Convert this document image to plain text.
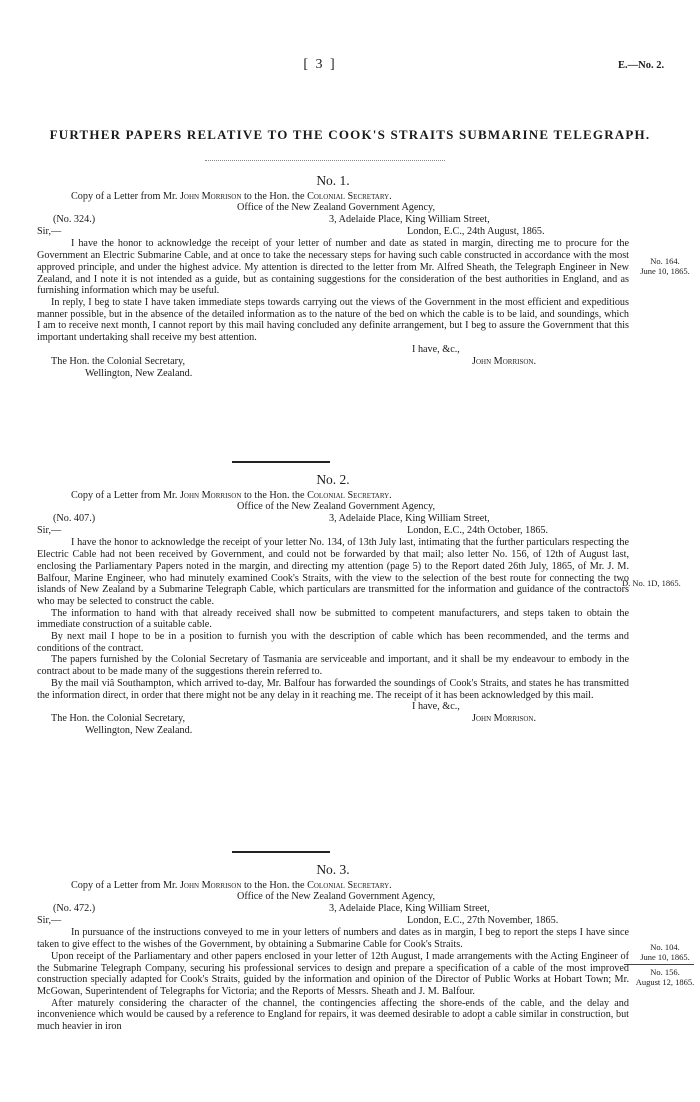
[ 3 ]	E.—No. 2.
FURTHER PAPERS RELATIVE TO THE COOK'S STRAITS SUBMARINE TELEGRAPH.
No. 1.
Copy of a Letter from Mr. John Morrison to the Hon. the Colonial Secretary.
Office of the New Zealand Government Agency,
(No. 324.)	3, Adelaide Place, King William Street,
Sir,—	London, E.C., 24th August, 1865.

I have the honor to acknowledge the receipt of your letter of number and date as stated in margin, directing me to procure for the Government an Electric Submarine Cable, and at once to take the necessary steps for having such cable constructed in accordance with the most approved principle, and under the highest advice. My attention is directed to the letter from Mr. Alfred Sheath, the Telegraph Engineer in New Zealand, and I note it is not intended as a guide, but as containing suggestions for the consideration of the best authorities in England, and as furnishing information which may be useful.

In reply, I beg to state I have taken immediate steps towards carrying out the views of the Government in the most efficient and expeditious manner possible, but in the absence of the detailed information as to the nature of the bed on which the cable is to be laid, and soundings, which I am to receive next month, I cannot report by this mail having concluded any definite arrangement, but I beg to assure the Government that this important undertaking shall receive my best attention.

I have, &c.,
The Hon. the Colonial Secretary,	John Morrison.
Wellington, New Zealand.
No. 2.
Copy of a Letter from Mr. John Morrison to the Hon. the Colonial Secretary.
Office of the New Zealand Government Agency,
(No. 407.)	3, Adelaide Place, King William Street,
Sir,—	London, E.C., 24th October, 1865.

I have the honor to acknowledge the receipt of your letter No. 134, of 13th July last, intimating that the further particulars respecting the Electric Cable had not been received by Government, and could not be forwarded by that mail; also letter No. 156, of 12th of August last, enclosing the Parliamentary Papers noted in the margin, and directing my attention (page 5) to the Report dated 26th July, 1865, of Mr. J. M. Balfour, Marine Engineer, who had minutely examined Cook's Straits, with the view to the selection of the best route for connecting the two islands of New Zealand by a Submarine Telegraph Cable, which particulars are transmitted for the information and guidance of the contractors who may be selected to construct the cable.

The information to hand with that already received shall now be submitted to competent manufacturers, and steps taken to obtain the immediate construction of a suitable cable.

By next mail I hope to be in a position to furnish you with the description of cable which has been recommended, and the terms and conditions of the contract.

The papers furnished by the Colonial Secretary of Tasmania are serviceable and important, and it shall be my endeavour to embody in the contract about to be made many of the suggestions therein referred to.

By the mail viâ Southampton, which arrived to-day, Mr. Balfour has forwarded the soundings of Cook's Straits, and states he has transmitted the information direct, in order that there might not be any delay in it reaching me. The receipt of it has been acknowledged by this mail.

I have, &c.,
The Hon. the Colonial Secretary,	John Morrison.
Wellington, New Zealand.
No. 3.
Copy of a Letter from Mr. John Morrison to the Hon. the Colonial Secretary.
Office of the New Zealand Government Agency,
(No. 472.)	3, Adelaide Place, King William Street,
Sir,—	London, E.C., 27th November, 1865.

In pursuance of the instructions conveyed to me in your letters of numbers and dates as in margin, I beg to report the steps I have since taken to give effect to the wishes of the Government, by obtaining a Submarine Cable for Cook's Straits.

Upon receipt of the Parliamentary and other papers enclosed in your letter of 12th August, I made arrangements with the Acting Engineer of the Submarine Telegraph Company, securing his professional services to design and prepare a specification of a cable of the most improved construction specially adapted for Cook's Straits, guided by the information and opinion of the Director of Public Works at Hobart Town; Mr. McGowan, Superintendent of Telegraphs for Victoria; and the Reports of Messrs. Sheath and J. M. Balfour.

After maturely considering the character of the channel, the contingencies affecting the shore-ends of the cable, and the delay and inconvenience which would be caused by a reference to England for repairs, it was deemed desirable to adopt a cable similar in construction, but much heavier in iron

No. 164.
June 10, 1865.
D. No. 1D, 1865.
No. 104.
June 10, 1865.
No. 156.
August 12, 1865.
